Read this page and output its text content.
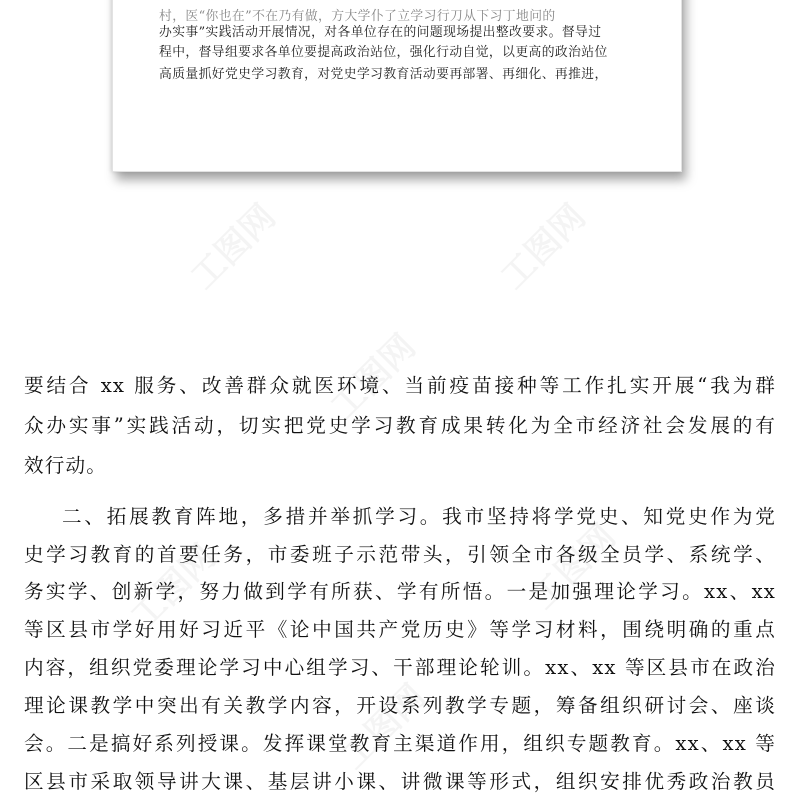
村，医“你也在”不在乃有做，方大学仆了立学习行刀从下习丁地问的
办实事”实践活动开展情况，对各单位存在的问题现场提出整改要求。督导过
程中，督导组要求各单位要提高政治站位，强化行动自觉，以更高的政治站位
高质量抓好党史学习教育，对党史学习教育活动要再部署、再细化、再推进，
要结合 xx 服务、改善群众就医环境、当前疫苗接种等工作扎实开展“我为群
众办实事”实践活动，切实把党史学习教育成果转化为全市经济社会发展的有
效行动。
二、拓展教育阵地，多措并举抓学习。我市坚持将学党史、知党史作为党
史学习教育的首要任务，市委班子示范带头，引领全市各级全员学、系统学、
务实学、创新学，努力做到学有所获、学有所悟。一是加强理论学习。xx、xx
等区县市学好用好习近平《论中国共产党历史》等学习材料，围绕明确的重点
内容，组织党委理论学习中心组学习、干部理论轮训。xx、xx 等区县市在政治
理论课教学中突出有关教学内容，开设系列教学专题，筹备组织研讨会、座谈
会。二是搞好系列授课。发挥课堂教育主渠道作用，组织专题教育。xx、xx 等
区县市采取领导讲大课、基层讲小课、讲微课等形式，组织安排优秀政治教员
